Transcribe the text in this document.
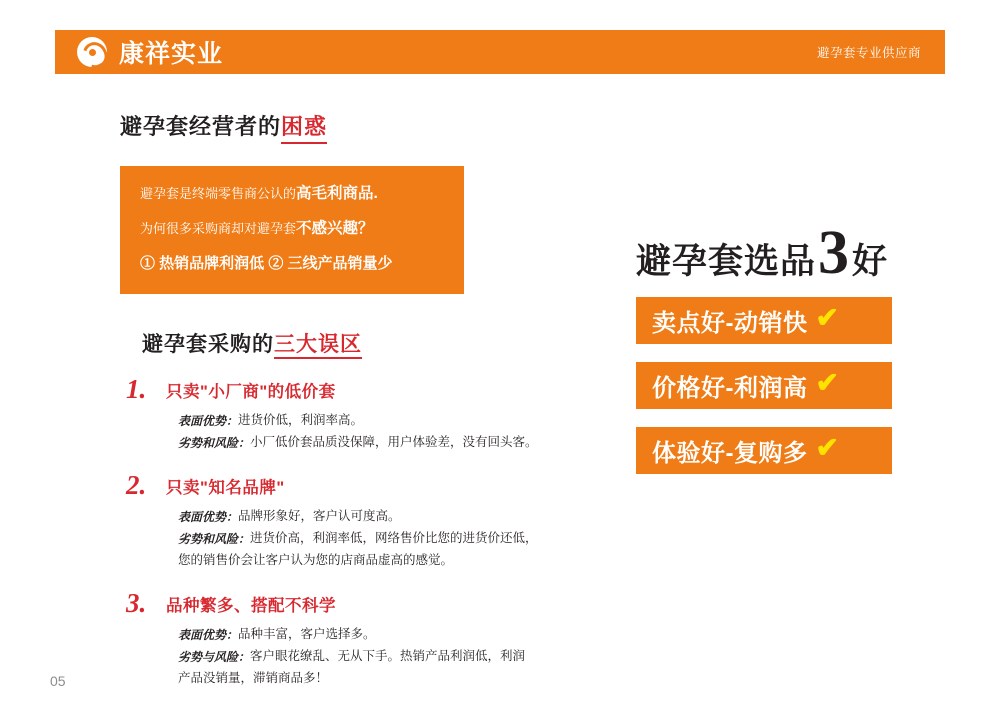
康祥实业	避孕套专业供应商
避孕套经营者的 困惑
避孕套是终端零售商公认的高毛利商品.
为何很多采购商却对避孕套不感兴趣？
① 热销品牌利润低 ② 三线产品销量少
避孕套采购的三大误区
1. 只卖"小厂商"的低价套
表面优势： 进货价低，利润率高。
劣势和风险： 小厂低价套品质没保障，用户体验差，没有回头客。
2. 只卖"知名品牌"
表面优势： 品牌形象好，客户认可度高。
劣势和风险： 进货价高，利润率低，网络售价比您的进货价还低，
您的销售价会让客户认为您的店商品虚高的感觉。
3. 品种繁多、搭配不科学
表面优势： 品种丰富，客户选择多。
劣势与风险： 客户眼花缭乱、无从下手。热销产品利润低，利润
产品没销量，滞销商品多！
避孕套选品 3 好
卖点好-动销快 ✔
价格好-利润高 ✔
体验好-复购多 ✔
05
